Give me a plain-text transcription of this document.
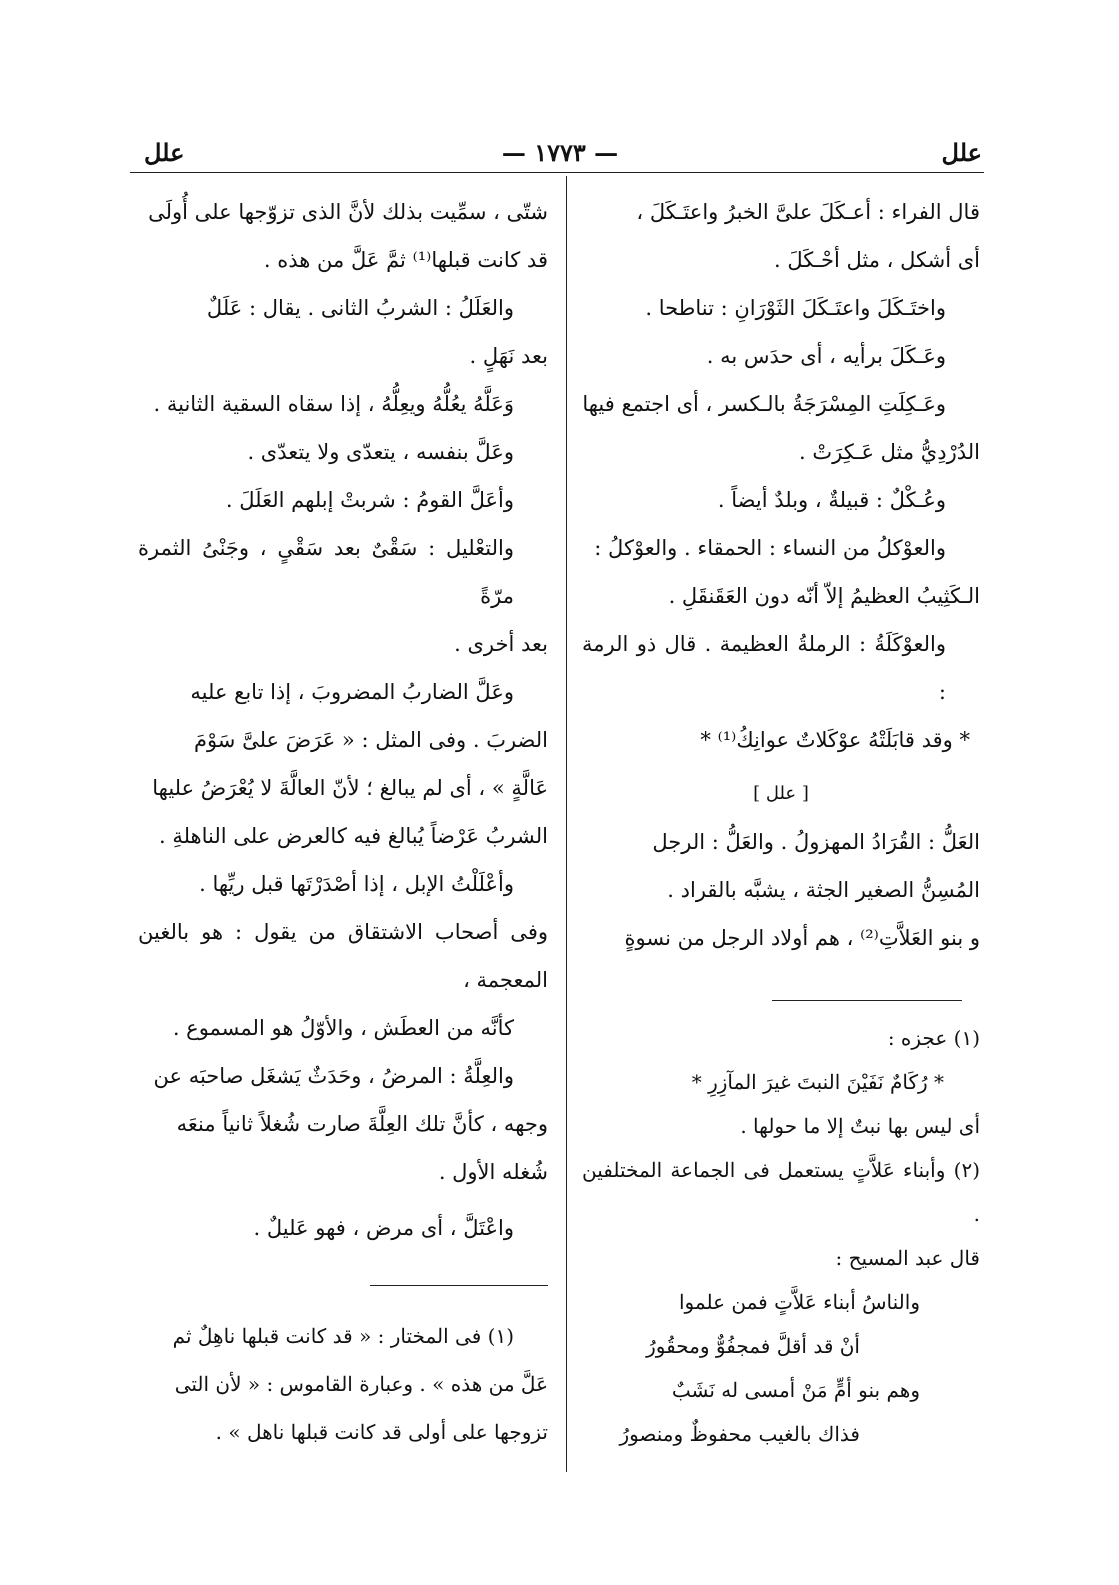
علل
— ١٧٧٣ —
علل

قال الفراء : أعـكَلَ علىَّ الخبرُ واعتَـكَلَ ،

أى أشكل ، مثل أحْـكَلَ .

واختَـكَلَ واعتَـكَلَ الثَوْرَانِ : تناطحا .

وعَـكَلَ برأيه ، أى حدَس به .

وعَـكِلَتِ المِسْرَجَةُ بالـكسر ، أى اجتمع فيها

الدُرْدِيُّ مثل عَـكِرَتْ .

وعُـكْلٌ : قبيلةٌ ، وبلدٌ أيضاً .

والعوْكلُ من النساء : الحمقاء . والعوْكلُ :

الـكَثِيبُ العظيمُ إلاّ أنّه دون العَقَنقَلِ .

والعوْكَلَةُ : الرملةُ العظيمة . قال ذو الرمة :

* وقد قابَلَتْهُ عوْكَلاتٌ عوانِكُ⁽¹⁾ *

[ علل ]

العَلُّ : القُرَادُ المهزولُ . والعَلُّ : الرجل

المُسِنُّ الصغير الجثة ، يشبَّه بالقراد .

و بنو العَلاَّتِ⁽²⁾ ، هم أولاد الرجل من نسوةٍ

(١) عجزه :

* رُكَامٌ نَفَيْنَ النبتَ غيرَ المآزِرِ *

أى ليس بها نبتٌ إلا ما حولها .

(٢) وأبناء عَلاَّتٍ يستعمل فى الجماعة المختلفين .

قال عبد المسيح :

والناسُ أبناء عَلاَّتٍ فمن علموا

أنْ قد أقلَّ فمجفُوٌّ ومحقُورُ

وهم بنو أمٍّ مَنْ أمسى له نَشَبٌ

فذاك بالغيب محفوظٌ ومنصورُ

شتّى ، سمِّيت بذلك لأنَّ الذى تزوّجها على أُولَى

قد كانت قبلها⁽¹⁾ ثمَّ عَلَّ من هذه .

والعَلَلُ : الشربُ الثانى . يقال : عَلَلٌ

بعد نَهَلٍ .

وَعَلَّهُ يعُلُّهُ ويعِلُّهُ ، إذا سقاه السقية الثانية .

وعَلَّ بنفسه ، يتعدّى ولا يتعدّى .

وأعَلَّ القومُ : شربتْ إبلهم العَلَلَ .

والتعْليل : سَقْىٌ بعد سَقْىٍ ، وجَنْىُ الثمرة مرّةً

بعد أخرى .

وعَلَّ الضاربُ المضروبَ ، إذا تابع عليه

الضربَ . وفى المثل : « عَرَضَ علىَّ سَوْمَ

عَالَّةٍ » ، أى لم يبالغ ؛ لأنّ العالَّةَ لا يُعْرَضُ عليها

الشربُ عَرْضاً يُبالغ فيه كالعرض على الناهلةِ .

وأعْلَلْتُ الإبل ، إذا أصْدَرْتَها قبل ريِّها .

وفى أصحاب الاشتقاق من يقول : هو بالغين المعجمة ،

كأنَّه من العطَش ، والأوّلُ هو المسموع .

والعِلَّةُ : المرضُ ، وحَدَثٌ يَشغَل صاحبَه عن

وجهه ، كأنَّ تلك العِلَّةَ صارت شُغلاً ثانياً منعَه

شُغله الأول .

واعْتَلَّ ، أى مرض ، فهو عَليلٌ .

(١) فى المختار : « قد كانت قبلها ناهِلٌ ثم

عَلَّ من هذه » . وعبارة القاموس : « لأن التى

تزوجها على أولى قد كانت قبلها ناهل » .
